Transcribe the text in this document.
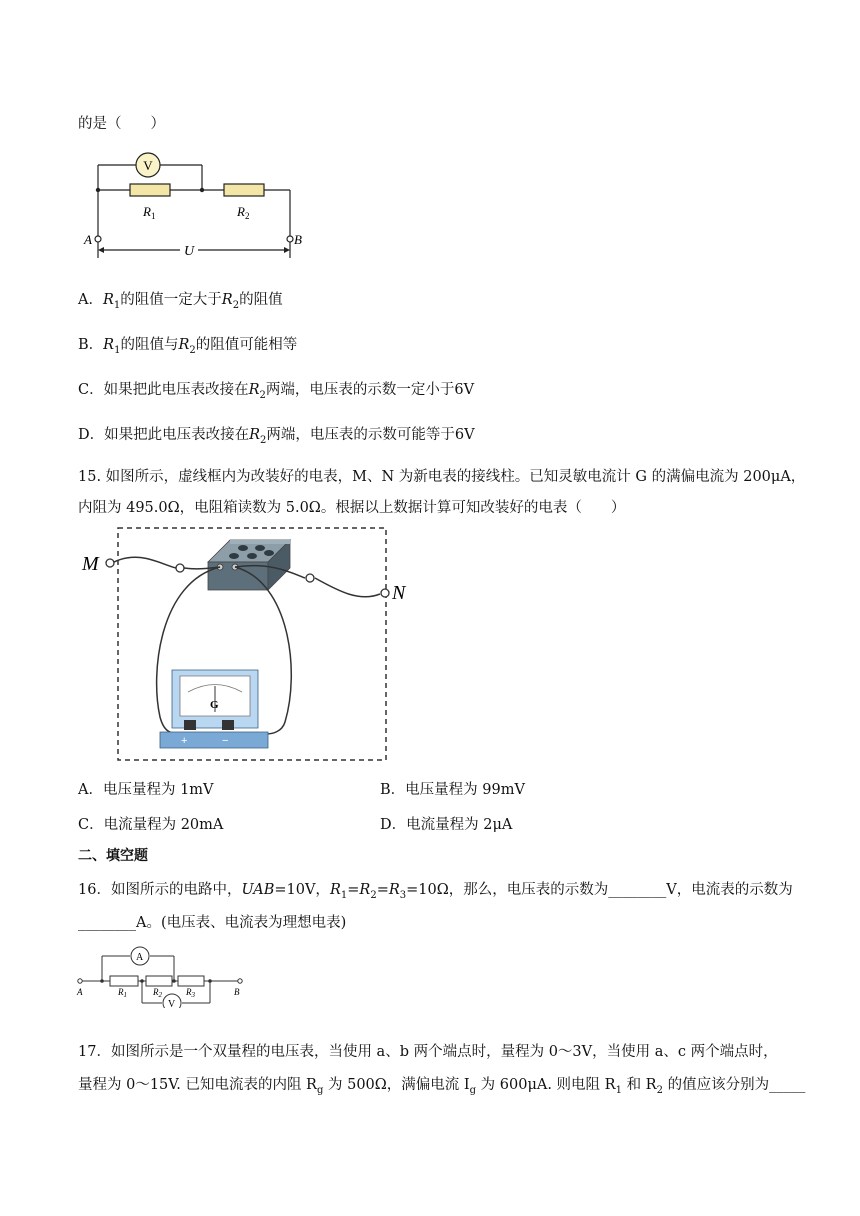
的是（　　）
V
$R_1$	$R_2$
A	B
U
A．$R_1$的阻值一定大于$R_2$的阻值
B．$R_1$的阻值与$R_2$的阻值可能相等
C．如果把此电压表改接在$R_2$两端，电压表的示数一定小于6V
D．如果把此电压表改接在$R_2$两端，电压表的示数可能等于6V
15. 如图所示，虚线框内为改装好的电表，M、N 为新电表的接线柱。已知灵敏电流计 G 的满偏电流为 200μA，
内阻为 495.0Ω，电阻箱读数为 5.0Ω。根据以上数据计算可知改装好的电表（　　）
M
N
G
+	−
A．电压量程为 1mV	B．电压量程为 99mV
C．电流量程为 20mA	D．电流量程为 2μA
二、填空题
16．如图所示的电路中，UAB=10V，$R_1=R_2=R_3=10\Omega$，那么，电压表的示数为________V，电流表的示数为
________A。(电压表、电流表为理想电表)
A
V
$R_1$	$R_2$	$R_3$
A	B
17．如图所示是一个双量程的电压表，当使用 a、b 两个端点时，量程为 0～3V，当使用 a、c 两个端点时，
量程为 0～15V. 已知电流表的内阻 $R_g$ 为 500Ω，满偏电流 $I_g$ 为 600μA. 则电阻 $R_1$ 和 $R_2$ 的值应该分别为_____
